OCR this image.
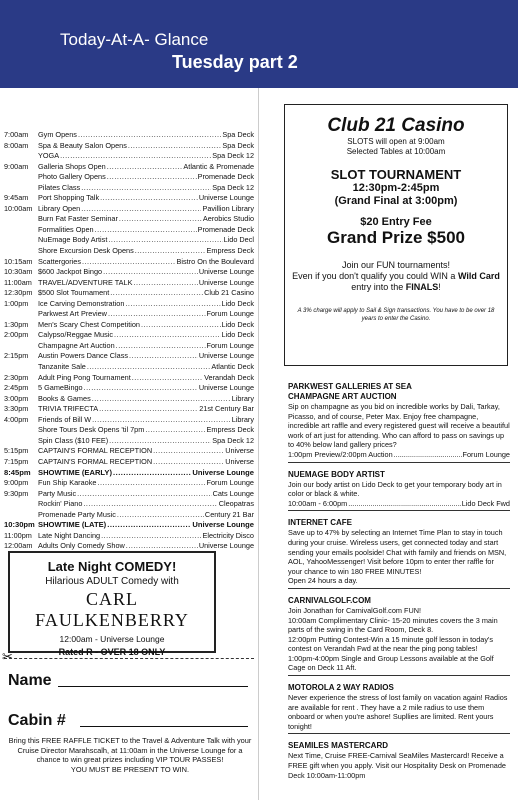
Today-At-A- Glance
Tuesday part 2
7:00am	Gym Opens .....	Spa Deck
8:00am	Spa & Beauty Salon Opens .....	Spa Deck
YOGA .....	Spa Deck 12
9:00am	Galleria Shops Open .....	Atlantic & Promenade
Photo Gallery Opens .....	Promenade Deck
Pilates Class .....	Spa Deck 12
9:45am	Port Shopping Talk .....	Universe Lounge
10:00am Library Open .....	Pavillion Library
Burn Fat Faster Seminar .....	Aerobics Studio
Formalities Open .....	Promenade Deck
NuEmage Body Artist .....	Lido Decl
Shore Excursion Desk Opens .....	Empress Deck
10:15am Scattergories .....	Bistro On the Boulevard
10:30am $600 Jackpot Bingo .....	Universe Lounge
11:00am TRAVEL/ADVENTURE TALK .....	Universe Lounge
12:30pm $500 Slot Tournament .....	Club 21 Casino
1:00pm	Ice Carving Demonstration .....	Lido Deck
Parkwest Art Preview .....	Forum Lounge
1:30pm	Men's Scary Chest Competition .....	Lido Deck
2:00pm	Calypso/Reggae Music .....	Lido Deck
Champagne Art Auction .....	Forum Lounge
2:15pm	Austin Powers Dance Class .....	Universe Lounge
Tanzanite Sale .....	Atlantic Deck
2:30pm	Adult Ping Pong Tournament .....	Verandah Deck
2:45pm	5 GameBingo .....	Universe Lounge
3:00pm	Books & Games .....	Library
3:30pm	TRIVIA TRIFECTA .....	21st Century Bar
4:00pm	Friends of Bill W .....	Library
Shore Tours Desk Opens 'til 7pm .....	Empress Deck
Spin Class ($10 FEE) .....	Spa Deck 12
5:15pm	CAPTAIN'S FORMAL RECEPTION .....	Universe
7:15pm	CAPTAIN'S FORMAL RECEPTION .....	Universe
8:45pm SHOWTIME (EARLY) .....	Universe Lounge
9:00pm	Fun Ship Karaoke .....	Forum Lounge
9:30pm	Party Music .....	Cats Lounge
Rockin' Piano .....	Cleopatras
Promenade Party Music .....	Century 21 Bar
10:30pm SHOWTIME (LATE) .....	Universe Lounge
11:00pm Late Night Dancing .....	Electricity Disco
12:00am Adults Only Comedy Show .....	Universe Lounge
Late Night COMEDY!
Hilarious ADULT Comedy with
CARL FAULKENBERRY
12:00am - Universe Lounge
Rated R - OVER 18 ONLY
✂
Name
Cabin #
Bring this FREE RAFFLE TICKET to the Travel & Adventure Talk with your Cruise Director Marahscalh, at 11:00am in the Universe Lounge for a chance to win great prizes including VIP TOUR PASSES!
YOU MUST BE PRESENT TO WIN.
Club 21 Casino
SLOTS will open at 9:00am
Selected Tables at 10:00am
SLOT TOURNAMENT
12:30pm-2:45pm
(Grand Final at 3:00pm)
$20 Entry Fee
Grand Prize $500
Join our FUN tournaments!
Even if you don't qualify you could WIN a Wild Card entry into the FINALS!
A 3% charge will apply to Sail & Sign transactions. You have to be over 18 years to enter the Casino.
PARKWEST GALLERIES AT SEA
CHAMPAGNE ART AUCTION
Sip on champagne as you bid on incredible works by Dali, Tarkay, Picasso, and of course, Peter Max. Enjoy free champagne, incredible art raffle and every registered guest will receive a beautiful work of art just for attending. Who can afford to pass on savings up to 40% below land gallery prices?
1:00pm Preview/2:00pm Auction .....	Forum Lounge
NUEMAGE BODY ARTIST
Join our body artist on Lido Deck to get your temporary body art in color or black & white.
10:00am - 6:00pm .....	Lido Deck Fwd
INTERNET CAFE
Save up to 47% by selecting an Internet Time Plan to stay in touch during your cruise. Wireless users, get connected today and start sending your emails poolside! Chat with family and friends on MSN, AOL, YahooMessenger! Visit before 10pm to enter ther raffle for your chance to win 180 FREE MINUTES!
Open 24 hours a day.
CARNIVALGOLF.COM
Join Jonathan for CarnivalGolf.com FUN!
10:00am Complimentary Clinic- 15-20 minutes covers the 3 main parts of the swing in the Card Room, Deck 8.
12:00pm Putting Contest-Win a 15 minute golf lesson in today's contest on Verandah Fwd at the near the ping pong tables!
1:00pm-4:00pm Single and Group Lessons available at the Golf Cage on Deck 11 Aft.
MOTOROLA 2 WAY RADIOS
Never experience the stress of lost family on vacation again! Radios are available for rent . They have a 2 mile radius to use them onboard or when you're ashore! Supllies are limited. Rent yours tonight!
SEAMILES MASTERCARD
Next Time, Cruise FREE-Carnival SeaMiles Mastercard! Receive a FREE gift when you apply. Visit our Hospitality Desk on Promenade Deck 10:00am-11:00pm
